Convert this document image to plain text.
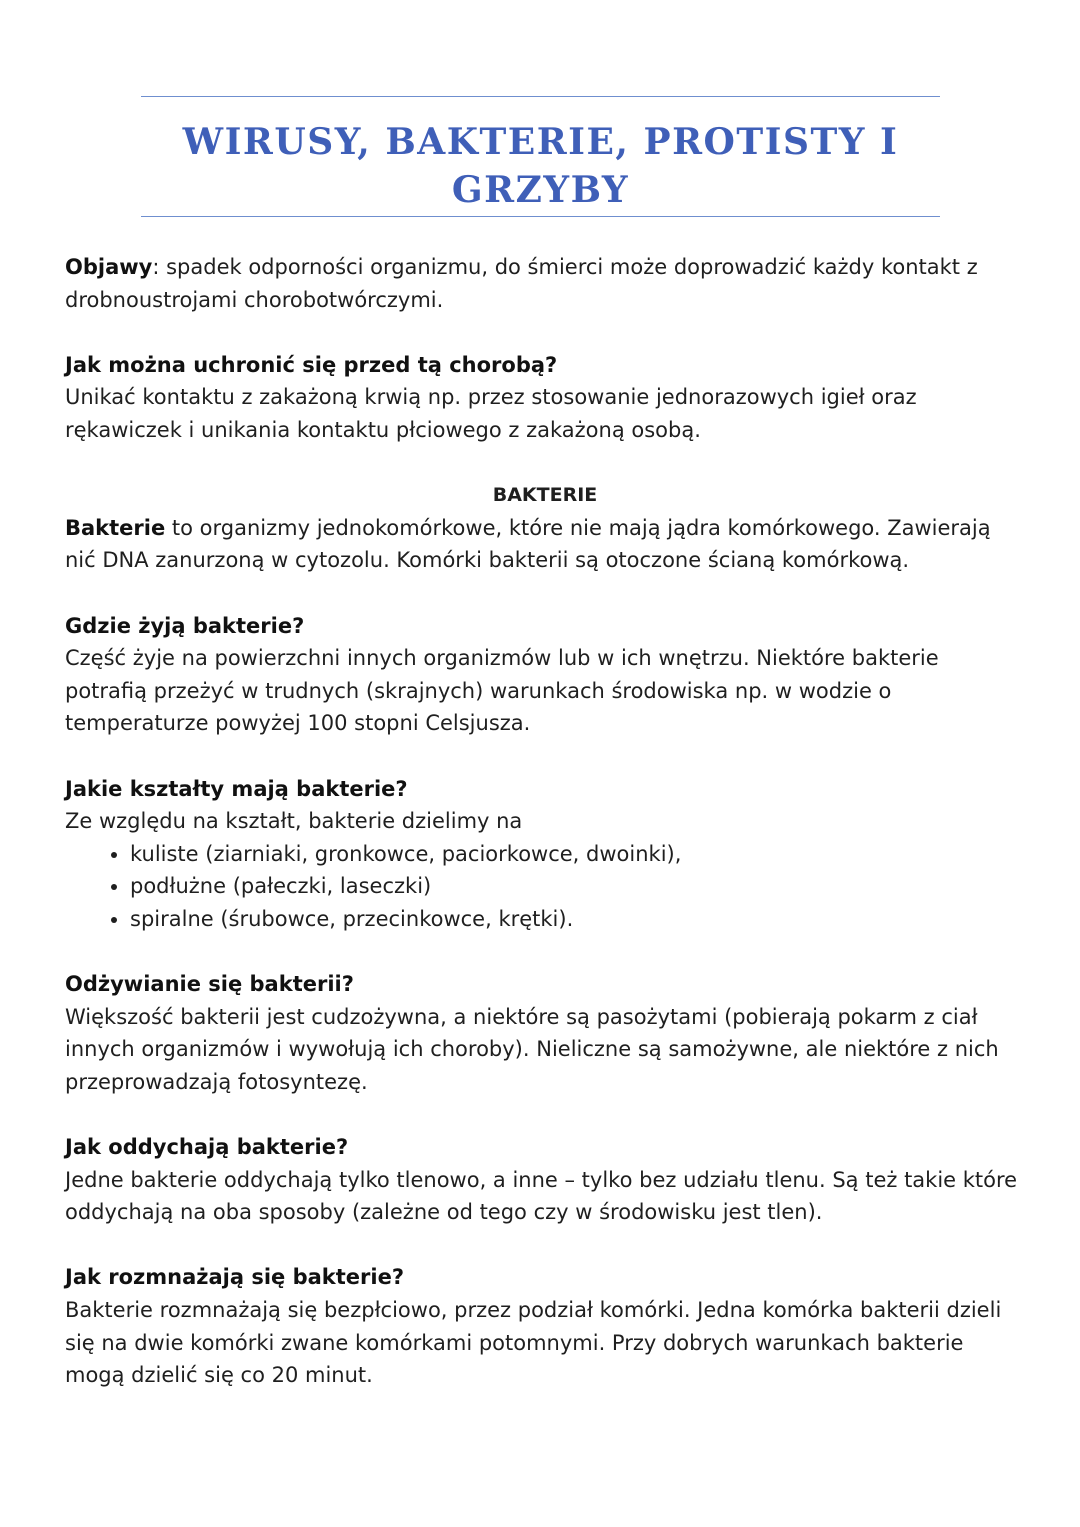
WIRUSY, BAKTERIE, PROTISTY I
GRZYBY

Objawy: spadek odporności organizmu, do śmierci może doprowadzić każdy kontakt z drobnoustrojami chorobotwórczymi.

Jak można uchronić się przed tą chorobą?

Unikać kontaktu z zakażoną krwią np. przez stosowanie jednorazowych igieł oraz rękawiczek i unikania kontaktu płciowego z zakażoną osobą.

BAKTERIE

Bakterie to organizmy jednokomórkowe, które nie mają jądra komórkowego. Zawierają nić DNA zanurzoną w cytozolu. Komórki bakterii są otoczone ścianą komórkową.

Gdzie żyją bakterie?

Część żyje na powierzchni innych organizmów lub w ich wnętrzu. Niektóre bakterie potrafią przeżyć w trudnych (skrajnych) warunkach środowiska np. w wodzie o temperaturze powyżej 100 stopni Celsjusza.

Jakie kształty mają bakterie?

Ze względu na kształt, bakterie dzielimy na

• kuliste (ziarniaki, gronkowce, paciorkowce, dwoinki),
• podłużne (pałeczki, laseczki)
• spiralne (śrubowce, przecinkowce, krętki).

Odżywianie się bakterii?

Większość bakterii jest cudzożywna, a niektóre są pasożytami (pobierają pokarm z ciał innych organizmów i wywołują ich choroby). Nieliczne są samożywne, ale niektóre z nich przeprowadzają fotosyntezę.

Jak oddychają bakterie?

Jedne bakterie oddychają tylko tlenowo, a inne – tylko bez udziału tlenu. Są też takie które oddychają na oba sposoby (zależne od tego czy w środowisku jest tlen).

Jak rozmnażają się bakterie?

Bakterie rozmnażają się bezpłciowo, przez podział komórki. Jedna komórka bakterii dzieli się na dwie komórki zwane komórkami potomnymi. Przy dobrych warunkach bakterie mogą dzielić się co 20 minut.
